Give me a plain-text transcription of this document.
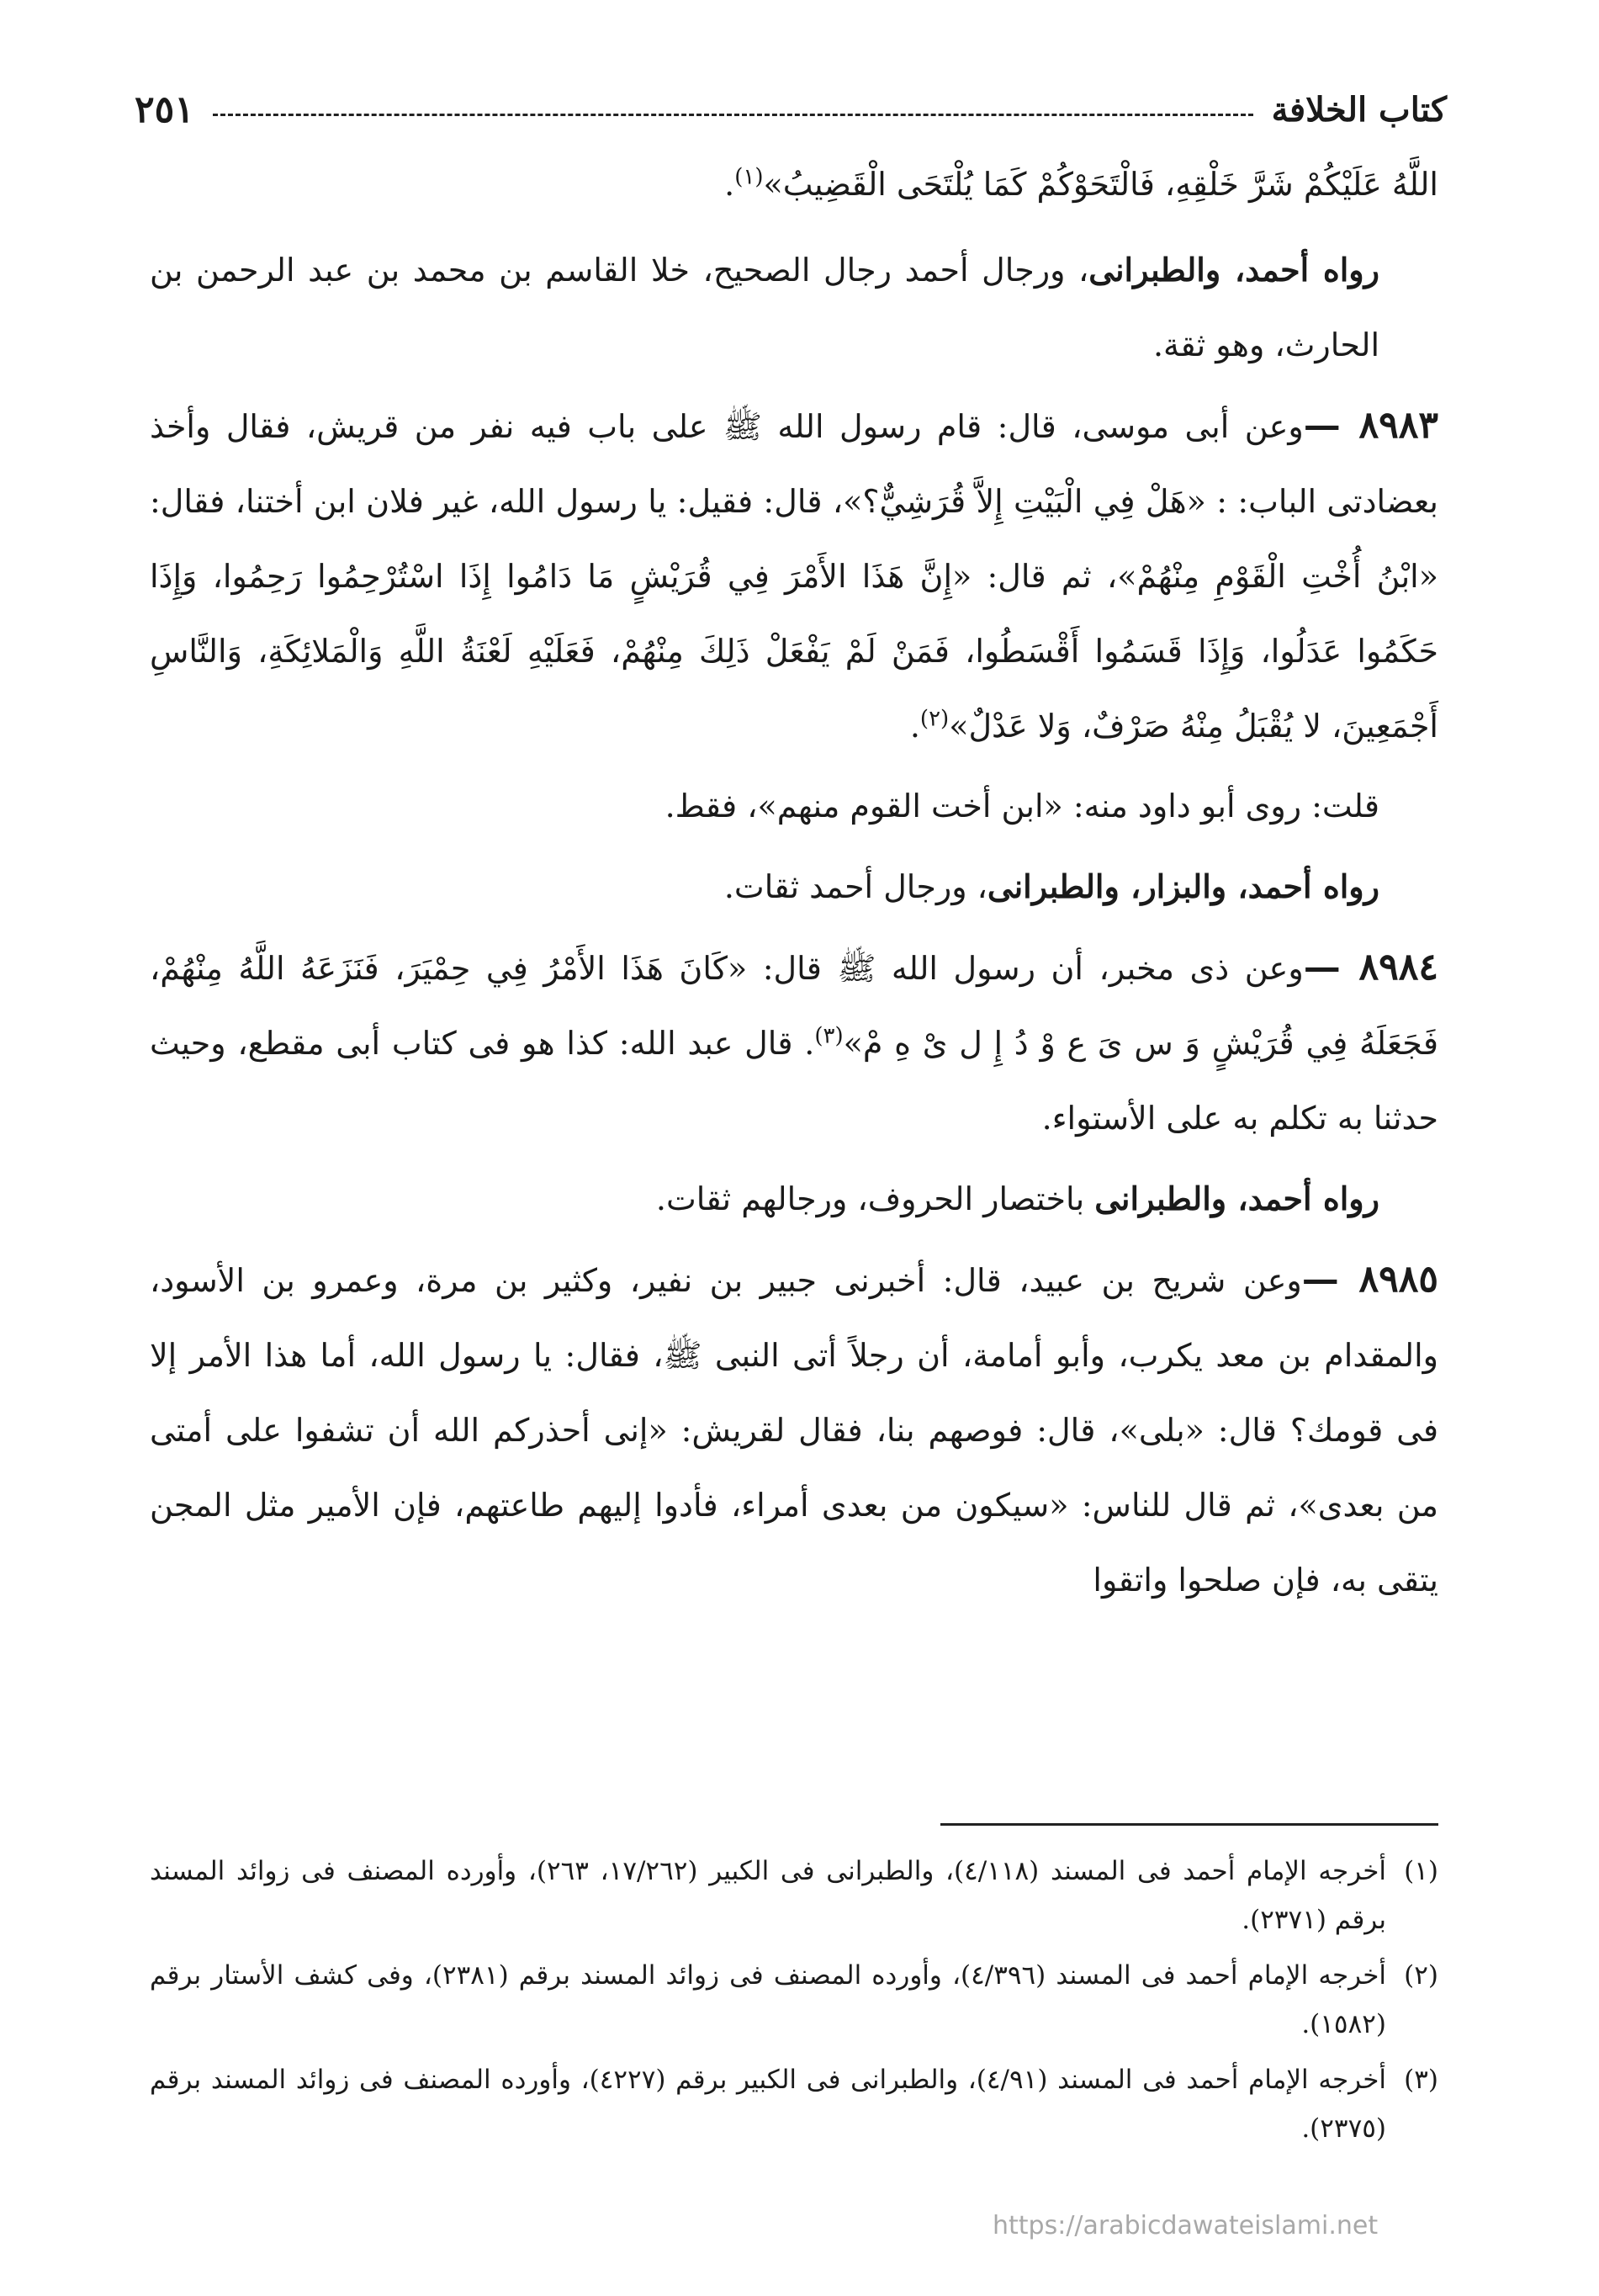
كتاب الخلافة
٢٥١

اللَّهُ عَلَيْكُمْ شَرَّ خَلْقِهِ، فَالْتَحَوْكُمْ كَمَا يُلْتَحَى الْقَضِيبُ»$^{(١)}$.

رواه أحمد، والطبرانى، ورجال أحمد رجال الصحيح، خلا القاسم بن محمد بن عبد الرحمن بن الحارث، وهو ثقة.

٨٩٨٣ —وعن أبى موسى، قال: قام رسول الله ﷺ على باب فيه نفر من قريش، فقال وأخذ بعضادتى الباب: : «هَلْ فِي الْبَيْتِ إِلاَّ قُرَشِيٌّ؟»، قال: فقيل: يا رسول الله، غير فلان ابن أختنا، فقال: «ابْنُ أُخْتِ الْقَوْمِ مِنْهُمْ»، ثم قال: «إِنَّ هَذَا الأَمْرَ فِي قُرَيْشٍ مَا دَامُوا إِذَا اسْتُرْحِمُوا رَحِمُوا، وَإِذَا حَكَمُوا عَدَلُوا، وَإِذَا قَسَمُوا أَقْسَطُوا، فَمَنْ لَمْ يَفْعَلْ ذَلِكَ مِنْهُمْ، فَعَلَيْهِ لَعْنَةُ اللَّهِ وَالْمَلائِكَةِ، وَالنَّاسِ أَجْمَعِينَ، لا يُقْبَلُ مِنْهُ صَرْفٌ، وَلا عَدْلٌ»$^{(٢)}$.

قلت: روى أبو داود منه: «ابن أخت القوم منهم»، فقط.

رواه أحمد، والبزار، والطبرانى، ورجال أحمد ثقات.

٨٩٨٤ —وعن ذى مخبر، أن رسول الله ﷺ قال: «كَانَ هَذَا الأَمْرُ فِي حِمْيَرَ، فَنَزَعَهُ اللَّهُ مِنْهُمْ، فَجَعَلَهُ فِي قُرَيْشٍ وَ س یَ ع وْ دُ إِ ل یْ هِ مْ»$^{(٣)}$. قال عبد الله: كذا هو فى كتاب أبى مقطع، وحيث حدثنا به تكلم به على الأستواء.

رواه أحمد، والطبرانى باختصار الحروف، ورجالهم ثقات.

٨٩٨٥ —وعن شريح بن عبيد، قال: أخبرنى جبير بن نفير، وكثير بن مرة، وعمرو بن الأسود، والمقدام بن معد يكرب، وأبو أمامة، أن رجلاً أتى النبى ﷺ، فقال: يا رسول الله، أما هذا الأمر إلا فى قومك؟ قال: «بلى»، قال: فوصهم بنا، فقال لقريش: «إنى أحذركم الله أن تشفوا على أمتى من بعدى»، ثم قال للناس: «سيكون من بعدى أمراء، فأدوا إليهم طاعتهم، فإن الأمير مثل المجن يتقى به، فإن صلحوا واتقوا

(١)أخرجه الإمام أحمد فى المسند (٤/١١٨)، والطبرانى فى الكبير (١٧/٢٦٢، ٢٦٣)، وأورده المصنف فى زوائد المسند برقم (٢٣٧١).

(٢)أخرجه الإمام أحمد فى المسند (٤/٣٩٦)، وأورده المصنف فى زوائد المسند برقم (٢٣٨١)، وفى كشف الأستار برقم (١٥٨٢).

(٣)أخرجه الإمام أحمد فى المسند (٤/٩١)، والطبرانى فى الكبير برقم (٤٢٢٧)، وأورده المصنف فى زوائد المسند برقم (٢٣٧٥).

https://arabicdawateislami.net
